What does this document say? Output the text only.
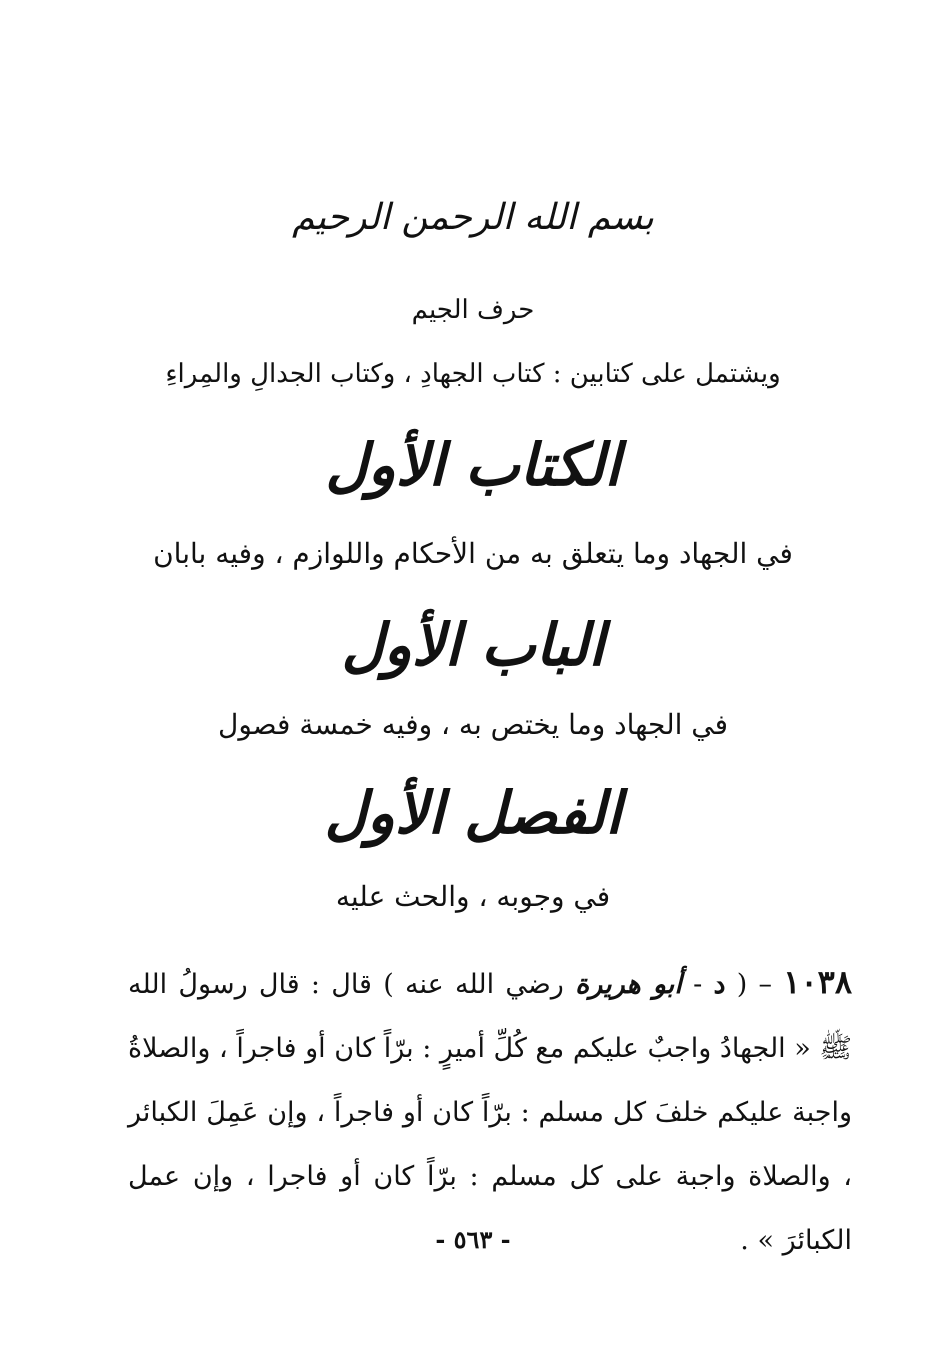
بسم الله الرحمن الرحيم
حرف الجيم
ويشتمل على كتابين : كتاب الجهادِ ، وكتاب الجدالِ والمِراءِ
الكتاب الأول
في الجهاد وما يتعلق به من الأحكام واللوازم ، وفيه بابان
الباب الأول
في الجهاد وما يختص به ، وفيه خمسة فصول
الفصل الأول
في وجوبه ، والحث عليه
١٠٣٨ – ( د - أبو هريرة رضي الله عنه ) قال : قال رسولُ الله ﷺ « الجهادُ واجبٌ عليكم مع كُلِّ أميرٍ : برّاً كان أو فاجراً ، والصلاةُ واجبة عليكم خلفَ كل مسلم : برّاً كان أو فاجراً ، وإن عَمِلَ الكبائر ، والصلاة واجبة على كل مسلم : برّاً كان أو فاجرا ، وإن عمل الكبائرَ » .
- ٥٦٣ -
